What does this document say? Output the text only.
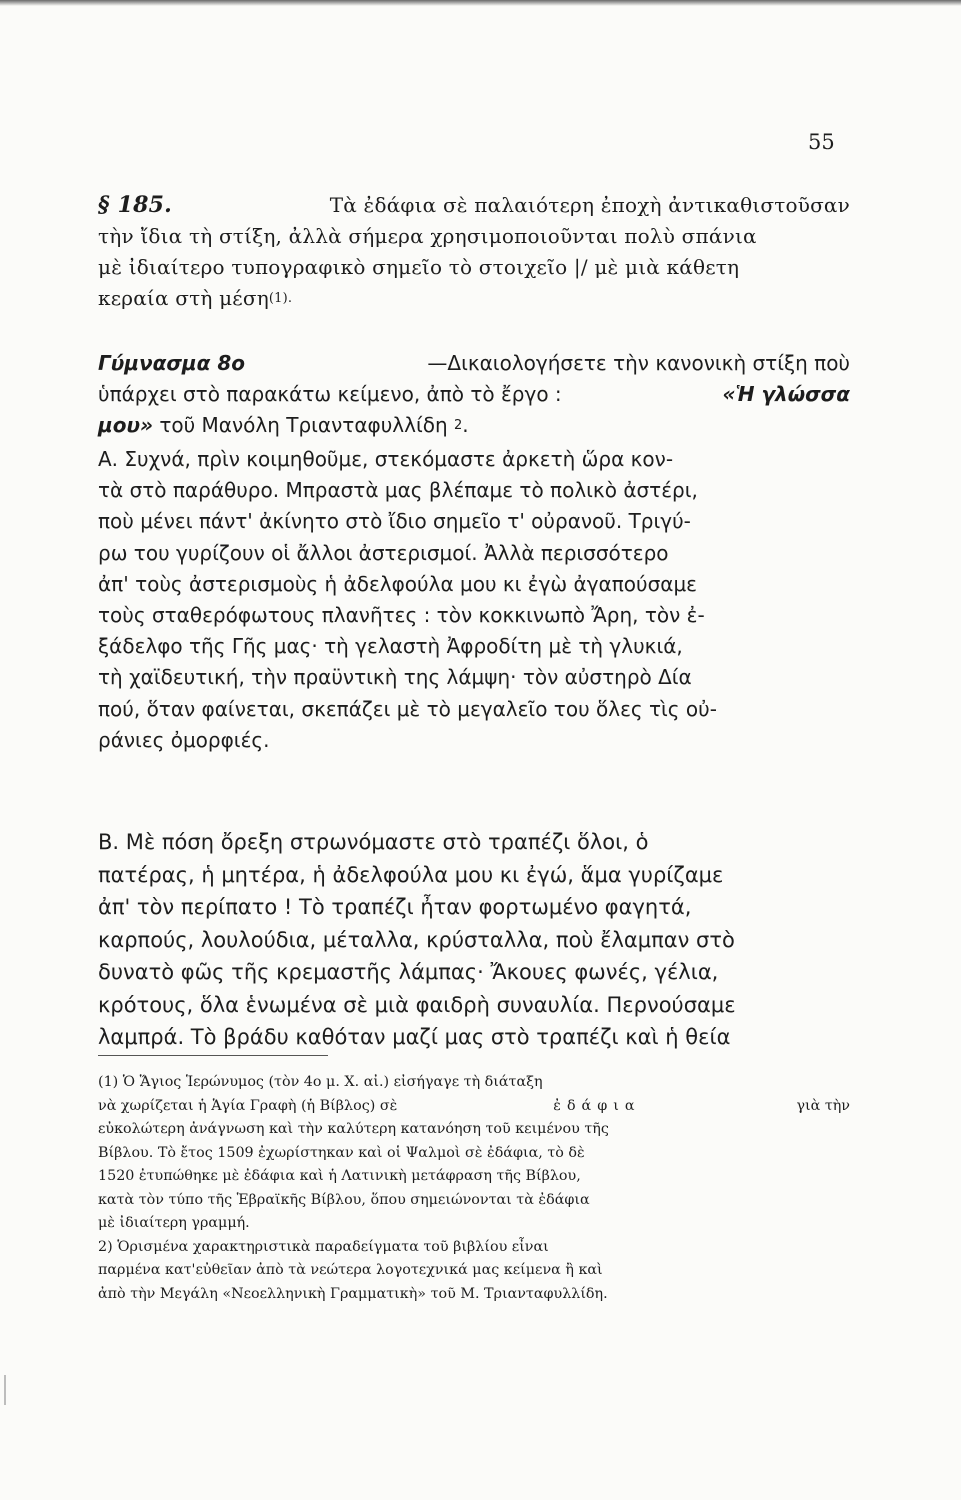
55
§ 185.	Τὰ ἐδάφια σὲ παλαιότερη ἐποχὴ ἀντικαθιστοῦσαν
τὴν ἴδια τὴ στίξη, ἀλλὰ σήμερα χρησιμοποιοῦνται πολὺ σπάνια
μὲ ἰδιαίτερο τυπογραφικὸ σημεῖο τὸ στοιχεῖο |/ μὲ μιὰ κάθετη
κεραία στὴ μέση (1).
Γύμνασμα 8ο	—Δικαιολογήσετε τὴν κανονικὴ στίξη ποὺ
ὑπάρχει στὸ παρακάτω κείμενο, ἀπὸ τὸ ἔργο :	«Ἡ γλώσσα
μου»
τοῦ Μανόλη Τριανταφυλλίδη
2 .
Α. Συχνά, πρὶν κοιμηθοῦμε, στεκόμαστε ἀρκετὴ ὥρα κον-
τὰ στὸ παράθυρο. Μπραστὰ μας βλέπαμε τὸ πολικὸ ἀστέρι,
ποὺ μένει πάντ' ἀκίνητο στὸ ἴδιο σημεῖο τ' οὐρανοῦ. Τριγύ-
ρω του γυρίζουν οἱ ἄλλοι ἀστερισμοί. Ἀλλὰ περισσότερο
ἀπ' τοὺς ἀστερισμοὺς ἡ ἀδελφούλα μου κι ἐγὼ ἀγαπούσαμε
τοὺς σταθερόφωτους πλανῆτες : τὸν κοκκινωπὸ Ἄρη, τὸν ἐ-
ξάδελφο τῆς Γῆς μας· τὴ γελαστὴ Ἀφροδίτη μὲ τὴ γλυκιά,
τὴ χαϊδευτική, τὴν πραϋντικὴ της λάμψη· τὸν αὐστηρὸ Δία
πού, ὅταν φαίνεται, σκεπάζει μὲ τὸ μεγαλεῖο του ὅλες τὶς οὐ-
ράνιες ὀμορφιές.
Β. Μὲ πόση ὄρεξη στρωνόμαστε στὸ τραπέζι ὅλοι, ὁ
πατέρας, ἡ μητέρα, ἡ ἀδελφούλα μου κι ἐγώ, ἅμα γυρίζαμε
ἀπ' τὸν περίπατο ! Τὸ τραπέζι ἦταν φορτωμένο φαγητά,
καρπούς, λουλούδια, μέταλλα, κρύσταλλα, ποὺ ἔλαμπαν στὸ
δυνατὸ φῶς τῆς κρεμαστῆς λάμπας· Ἄκουες φωνές, γέλια,
κρότους, ὅλα ἑνωμένα σὲ μιὰ φαιδρὴ συναυλία. Περνούσαμε
λαμπρά. Τὸ βράδυ καθόταν μαζί μας στὸ τραπέζι καὶ ἡ θεία
(1) Ὁ Ἅγιος Ἱερώνυμος (τὸν 4ο μ. Χ. αἰ.) εἰσήγαγε τὴ διάταξη
νὰ χωρίζεται ἡ Ἁγία Γραφὴ (ἡ Βίβλος) σὲ	ἐδάφια	γιὰ τὴν
εὐκολώτερη ἀνάγνωση καὶ τὴν καλύτερη κατανόηση τοῦ κειμένου τῆς
Βίβλου. Τὸ ἔτος 1509 ἐχωρίστηκαν καὶ οἱ Ψαλμοὶ σὲ ἐδάφια, τὸ δὲ
1520 ἐτυπώθηκε μὲ ἐδάφια καὶ ἡ Λατινικὴ μετάφραση τῆς Βίβλου,
κατὰ τὸν τύπο τῆς Ἑβραϊκῆς Βίβλου, ὅπου σημειώνονται τὰ ἐδάφια
μὲ ἰδιαίτερη γραμμή.
2) Ὁρισμένα χαρακτηριστικὰ παραδείγματα τοῦ βιβλίου εἶναι
παρμένα κατ'εὐθεῖαν ἀπὸ τὰ νεώτερα λογοτεχνικά μας κείμενα ἢ καὶ
ἀπὸ τὴν Μεγάλη «Νεοελληνικὴ Γραμματικὴ» τοῦ Μ. Τριανταφυλλίδη.
